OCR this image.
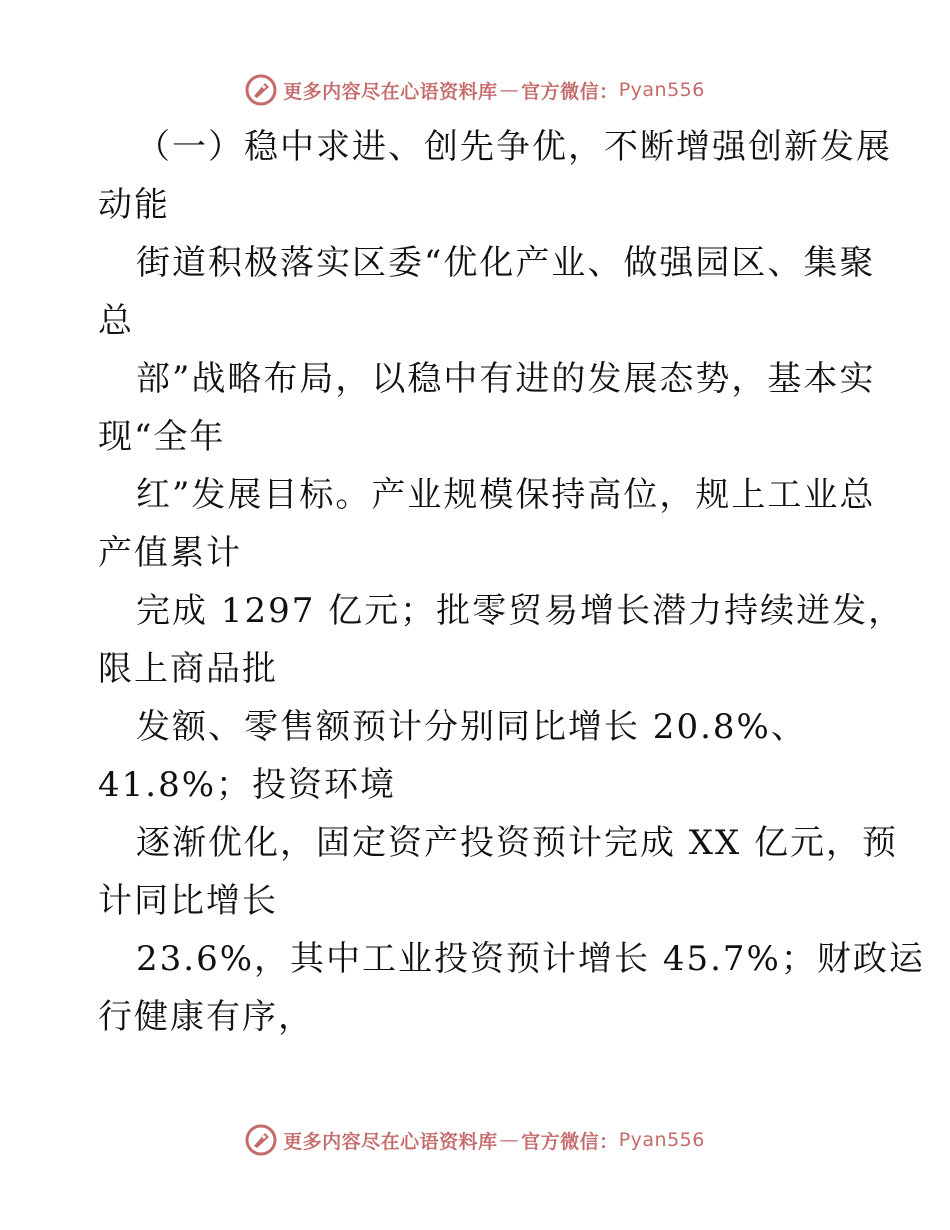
更多内容尽在心语资料库 — 官方微信： Pyan556
（一）稳中求进、创先争优，不断增强创新发展
动能
街道积极落实区委“优化产业、做强园区、集聚
总
部”战略布局，以稳中有进的发展态势，基本实
现“全年
红”发展目标。产业规模保持高位，规上工业总
产值累计
完成 1297 亿元；批零贸易增长潜力持续迸发，
限上商品批
发额、零售额预计分别同比增长 20.8%、
41.8%；投资环境
逐渐优化，固定资产投资预计完成 XX 亿元，预
计同比增长
23.6%，其中工业投资预计增长 45.7%；财政运
行健康有序，
更多内容尽在心语资料库 — 官方微信： Pyan556
